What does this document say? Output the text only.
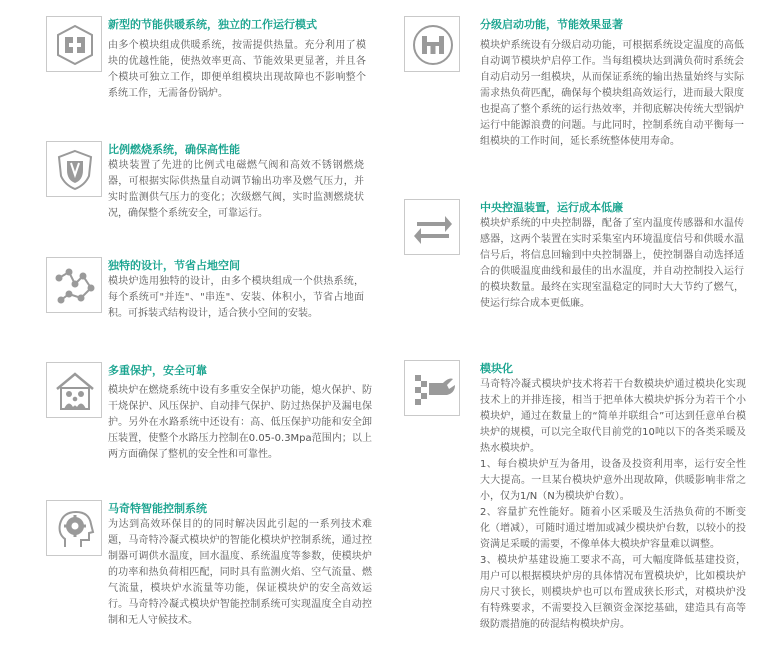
新型的节能供暖系统，独立的工作运行模式

由多个模块组成供暖系统，按需提供热量。充分利用了模块的优越性能，使热效率更高、节能效果更显著，并且各个模块可独立工作，即便单组模块出现故障也不影响整个系统工作，无需备份锅炉。

比例燃烧系统，确保高性能

模块装置了先进的比例式电磁燃气阀和高效不锈钢燃烧器，可根据实际供热量自动调节输出功率及燃气压力，并实时监测供气压力的变化；次级燃气阀，实时监测燃烧状况，确保整个系统安全，可靠运行。

独特的设计，节省占地空间

模块炉选用独特的设计，由多个模块组成一个供热系统，每个系统可"并连"、"串连"、安装、体积小，节省占地面积。可拆装式结构设计，适合狭小空间的安装。

多重保护，安全可靠

模块炉在燃烧系统中设有多重安全保护功能，熄火保护、防干烧保护、风压保护、自动排气保护、防过热保护及漏电保护。另外在水路系统中还设有：高、低压保护功能和安全卸压装置，使整个水路压力控制在0.05-0.3Mpa范围内；以上两方面确保了整机的安全性和可靠性。

马奇特智能控制系统

为达到高效环保目的的同时解决因此引起的一系列技术难题，马奇特冷凝式模块炉的智能化模块炉控制系统，通过控制器可调供水温度，回水温度、系统温度等参数，使模块炉的功率和热负荷相匹配，同时具有监测火焰、空气流量、燃气流量，模块炉水流量等功能，保证模块炉的安全高效运行。马奇特冷凝式模块炉智能控制系统可实现温度全自动控制和无人守候技术。

分级启动功能，节能效果显著

模块炉系统设有分级启动功能，可根据系统设定温度的高低自动调节模块炉启停工作。当每组模块达到满负荷时系统会自动启动另一组模块，从而保证系统的输出热量始终与实际需求热负荷匹配，确保每个模块组高效运行，进而最大限度也提高了整个系统的运行热效率，并彻底解决传统大型锅炉运行中能源浪费的问题。与此同时，控制系统自动平衡每一组模块的工作时间，延长系统整体使用寿命。

中央控温装置，运行成本低廉

模块炉系统的中央控制器，配备了室内温度传感器和水温传感器，这两个装置在实时采集室内环境温度信号和供暖水温信号后，将信息回输到中央控制器上，使控制器自动选择适合的供暖温度曲线和最佳的出水温度，并自动控制投入运行的模块数量。最终在实现室温稳定的同时大大节约了燃气，使运行综合成本更低廉。

模块化

马奇特冷凝式模块炉技术将若干台数模块炉通过模块化实现技术上的并排连接，相当于把单体大模块炉拆分为若干个小模块炉，通过在数量上的“简单并联组合”可达到任意单台模块炉的规模，可以完全取代目前党的10吨以下的各类采暖及热水模块炉。

1、每台模块炉互为备用，设备及投资利用率，运行安全性大大提高。一旦某台模块炉意外出现故障，供暖影响非常之小，仅为1/N（N为模块炉台数）。

2、容量扩充性能好。随着小区采暖及生活热负荷的不断变化（增减），可随时通过增加或减少模块炉台数，以较小的投资满足采暖的需要，不像单体大模块炉容量难以调整。

3、模块炉基建设施工要求不高，可大幅度降低基建投资，用户可以根据模块炉房的具体情况布置模块炉，比如模块炉房尺寸狭长，则模块炉也可以布置成狭长形式，对模块炉没有特殊要求，不需要投入巨额资金深挖基础，建造具有高等级防震措施的砖混结构模块炉房。
